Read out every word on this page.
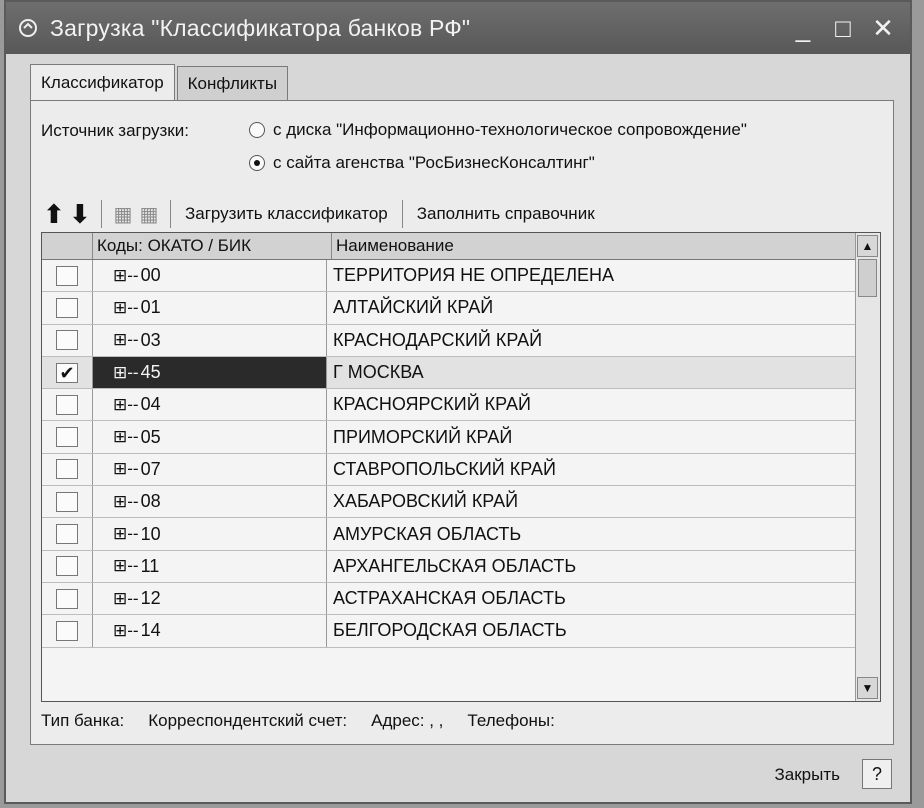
Загрузка "Классификатора банков РФ"	_ □ ✕
Классификатор	Конфликты
Источник загрузки:	с диска "Информационно-технологическое сопровождение"
с сайта агенства "РосБизнесКонсалтинг"
⬆ ⬇ ▦ ▦	Загрузить классификатор	Заполнить справочник
Коды: ОКАТО / БИК	Наименование
⊞-- 00	ТЕРРИТОРИЯ НЕ ОПРЕДЕЛЕНА
⊞-- 01	АЛТАЙСКИЙ КРАЙ
⊞-- 03	КРАСНОДАРСКИЙ КРАЙ
✔ ⊞-- 45	Г МОСКВА
⊞-- 04	КРАСНОЯРСКИЙ КРАЙ
⊞-- 05	ПРИМОРСКИЙ КРАЙ
⊞-- 07	СТАВРОПОЛЬСКИЙ КРАЙ
⊞-- 08	ХАБАРОВСКИЙ КРАЙ
⊞-- 10	АМУРСКАЯ ОБЛАСТЬ
⊞-- 11	АРХАНГЕЛЬСКАЯ ОБЛАСТЬ
⊞-- 12	АСТРАХАНСКАЯ ОБЛАСТЬ
⊞-- 14	БЕЛГОРОДСКАЯ ОБЛАСТЬ
▲
▼
Тип банка: Корреспондентский счет: Адрес: , , Телефоны:
Закрыть	?
